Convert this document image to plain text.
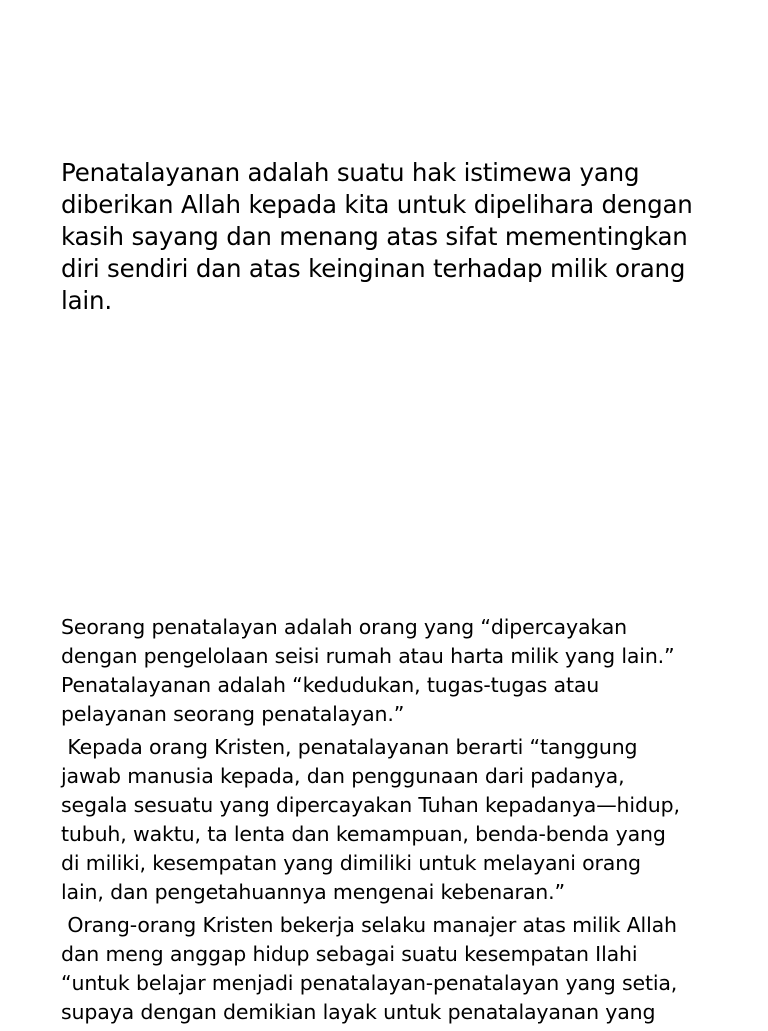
Penatalayanan adalah suatu hak istimewa yang
diberikan Allah kepada kita untuk dipelihara dengan
kasih sayang dan menang atas sifat mementingkan
diri sendiri dan atas keinginan terhadap milik orang
lain.

Seorang penatalayan adalah orang yang “dipercayakan
dengan pengelolaan seisi rumah atau harta milik yang lain.”
Penatalayanan adalah “kedudukan, tugas-tugas atau
pelayanan seorang penatalayan.”

Kepada orang Kristen, penatalayanan berarti “tanggung
jawab manusia kepada, dan penggunaan dari padanya,
segala sesuatu yang dipercayakan Tuhan kepadanya—hidup,
tubuh, waktu, ta lenta dan kemampuan, benda-benda yang
di miliki, kesempatan yang dimiliki untuk melayani orang
lain, dan pengetahuannya mengenai kebenaran.”

Orang-orang Kristen bekerja selaku manajer atas milik Allah
dan meng anggap hidup sebagai suatu kesempatan Ilahi
“untuk belajar menjadi penatalayan-penatalayan yang setia,
supaya dengan demikian layak untuk penatalayanan yang
